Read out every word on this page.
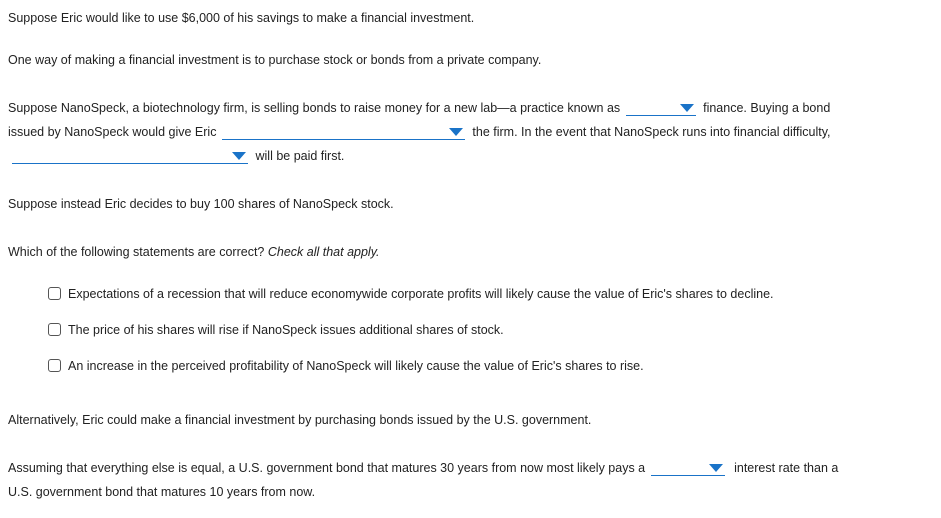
Suppose Eric would like to use $6,000 of his savings to make a financial investment.
One way of making a financial investment is to purchase stock or bonds from a private company.
Suppose NanoSpeck, a biotechnology firm, is selling bonds to raise money for a new lab—a practice known as	finance. Buying a bond
issued by NanoSpeck would give Eric	the firm. In the event that NanoSpeck runs into financial difficulty,
will be paid first.
Suppose instead Eric decides to buy 100 shares of NanoSpeck stock.
Which of the following statements are correct? Check all that apply.
Expectations of a recession that will reduce economywide corporate profits will likely cause the value of Eric's shares to decline.
The price of his shares will rise if NanoSpeck issues additional shares of stock.
An increase in the perceived profitability of NanoSpeck will likely cause the value of Eric's shares to rise.
Alternatively, Eric could make a financial investment by purchasing bonds issued by the U.S. government.
Assuming that everything else is equal, a U.S. government bond that matures 30 years from now most likely pays a	interest rate than a
U.S. government bond that matures 10 years from now.
